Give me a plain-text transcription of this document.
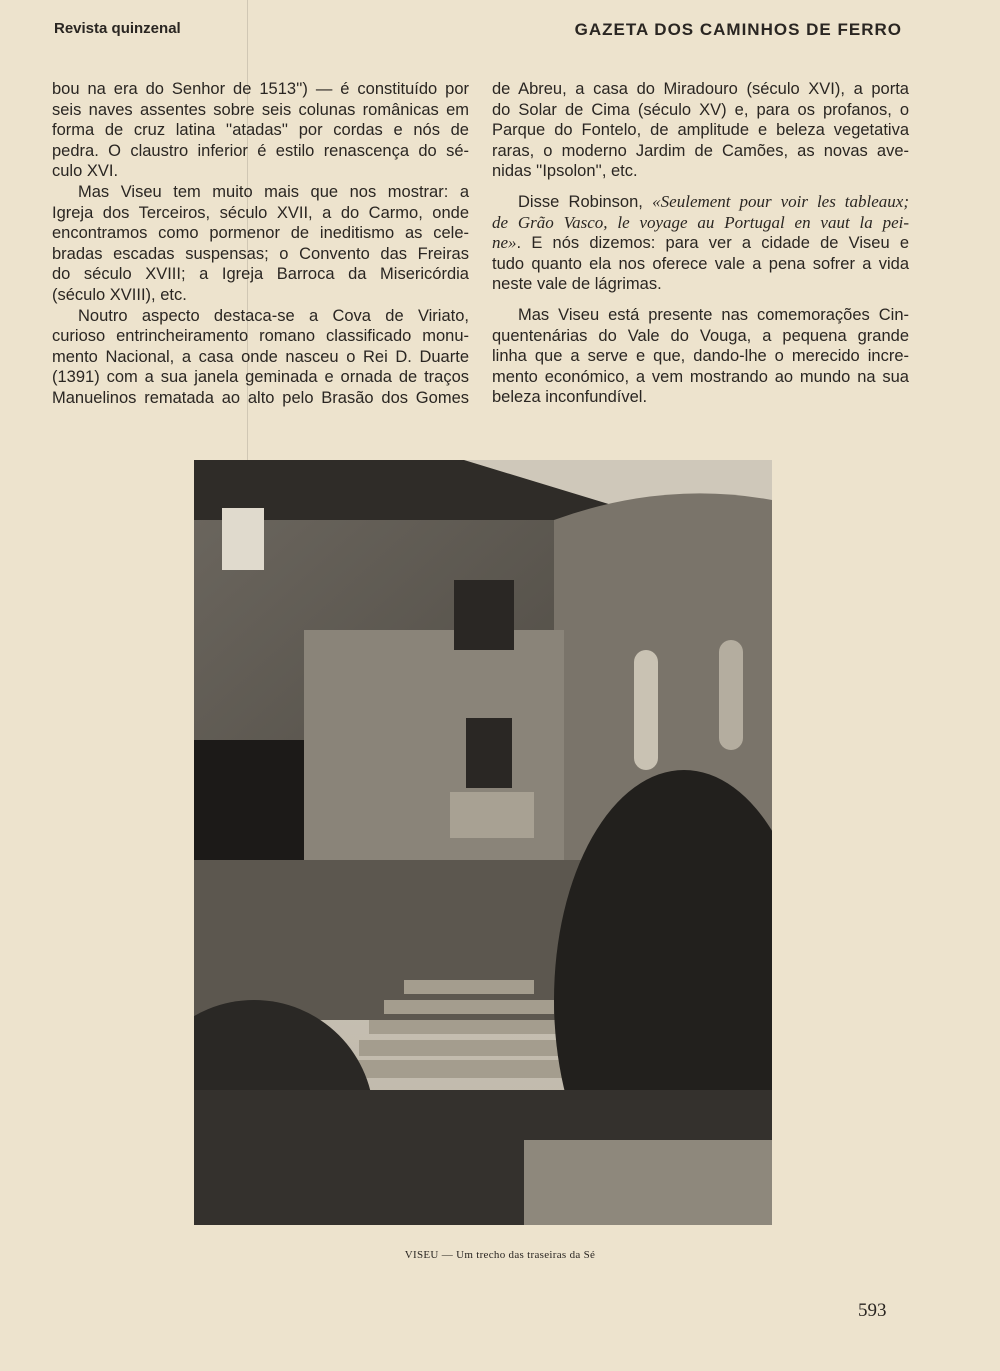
Revista quinzenal	GAZETA DOS CAMINHOS DE FERRO
bou na era do Senhor de 1513'') — é constituído por
seis naves assentes sobre seis colunas românicas em
forma de cruz latina ''atadas'' por cordas e nós de
pedra. O claustro inferior é estilo renascença do sé-
culo XVI.
Mas Viseu tem muito mais que nos mostrar: a
Igreja dos Terceiros, século XVII, a do Carmo, onde
encontramos como pormenor de ineditismo as cele-
bradas escadas suspensas; o Convento das Freiras
do século XVIII; a Igreja Barroca da Misericórdia
(século XVIII), etc.
Noutro aspecto destaca-se a Cova de Viriato,
curioso entrincheiramento romano classificado monu-
mento Nacional, a casa onde nasceu o Rei D. Duarte
(1391) com a sua janela geminada e ornada de traços
Manuelinos rematada ao alto pelo Brasão dos Gomes
de Abreu, a casa do Miradouro (século XVI), a porta
do Solar de Cima (século XV) e, para os profanos, o
Parque do Fontelo, de amplitude e beleza vegetativa
raras, o moderno Jardim de Camões, as novas ave-
nidas ''Ipsolon'', etc.
Disse Robinson, «Seulement pour voir les tableaux;
de Grão Vasco, le voyage au Portugal en vaut la pei-
ne». E nós dizemos: para ver a cidade de Viseu e
tudo quanto ela nos oferece vale a pena sofrer a vida
neste vale de lágrimas.
Mas Viseu está presente nas comemorações Cin-
quentenárias do Vale do Vouga, a pequena grande
linha que a serve e que, dando-lhe o merecido incre-
mento económico, a vem mostrando ao mundo na sua
beleza inconfundível.
VISEU — Um trecho das traseiras da Sé
593
